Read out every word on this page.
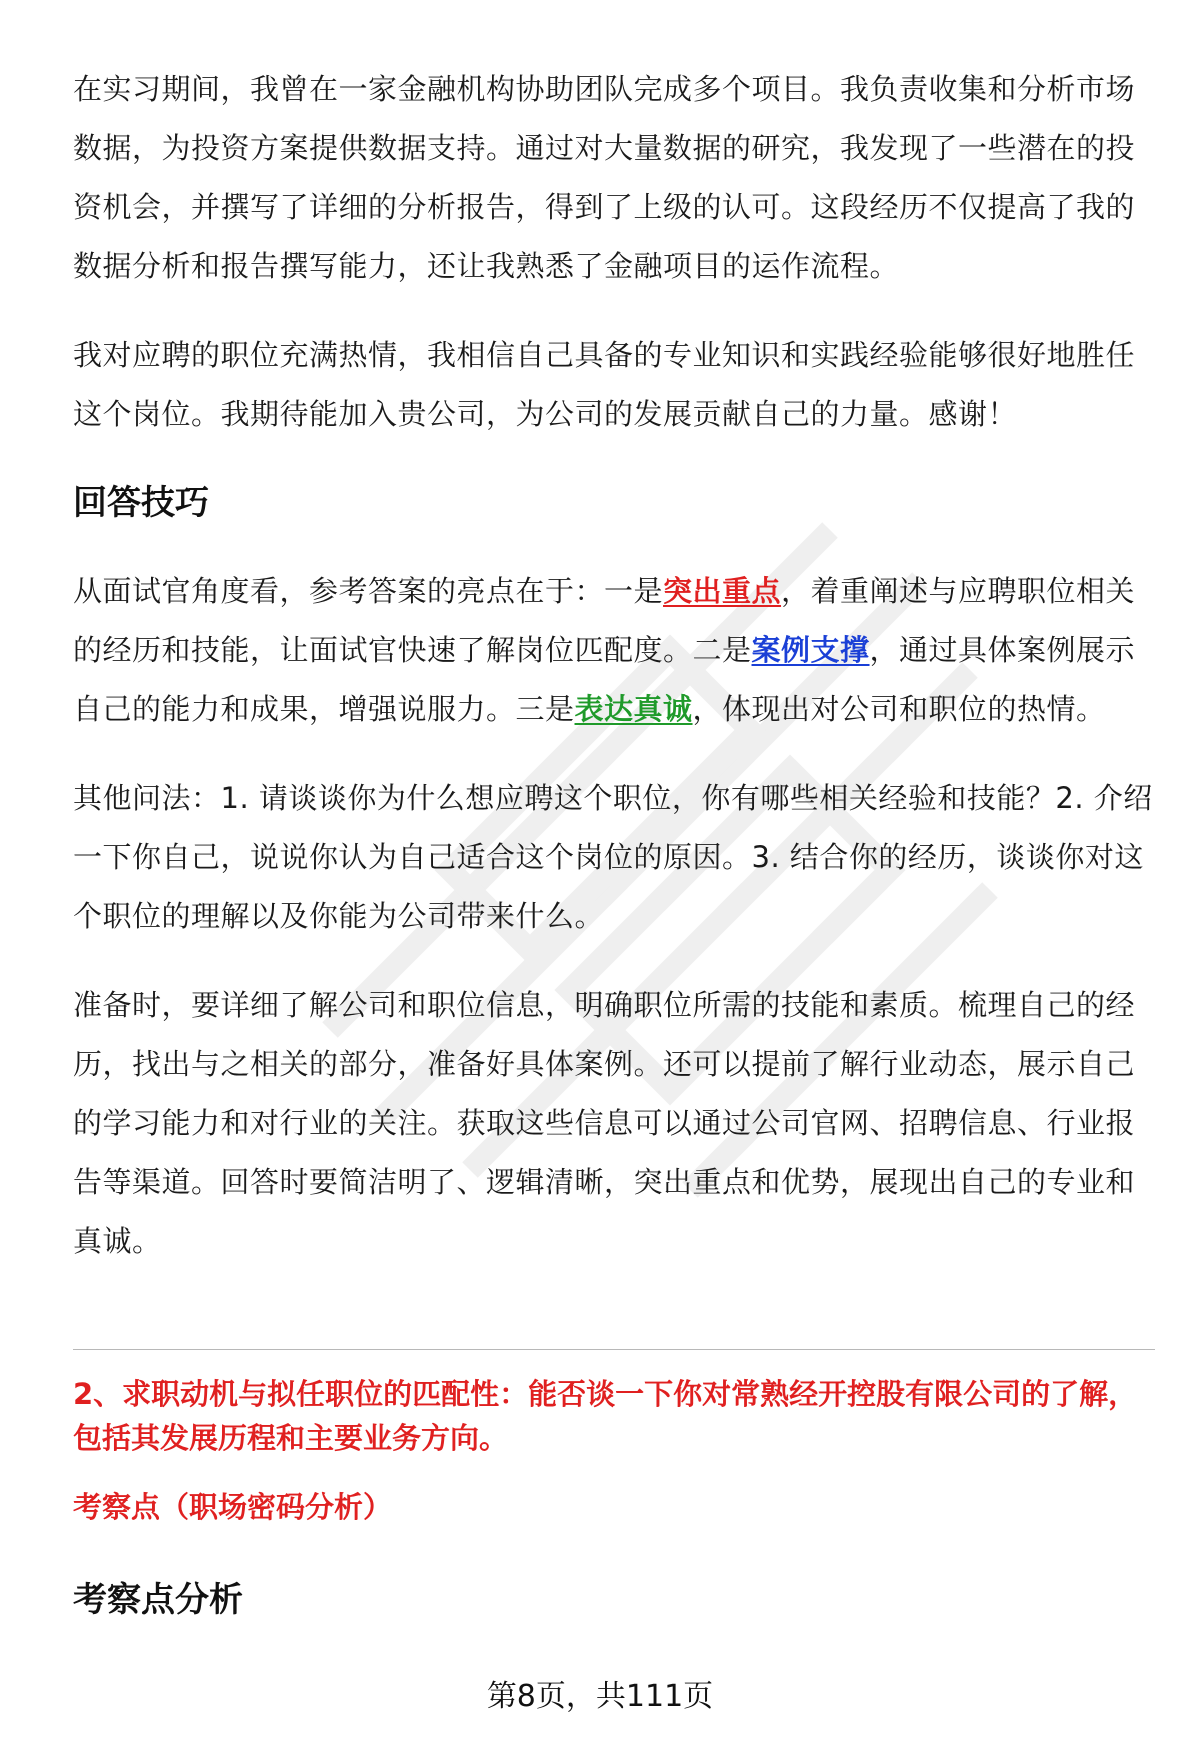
在实习期间，我曾在一家金融机构协助团队完成多个项目。我负责收集和分析市场数据，为投资方案提供数据支持。通过对大量数据的研究，我发现了一些潜在的投资机会，并撰写了详细的分析报告，得到了上级的认可。这段经历不仅提高了我的数据分析和报告撰写能力，还让我熟悉了金融项目的运作流程。

我对应聘的职位充满热情，我相信自己具备的专业知识和实践经验能够很好地胜任这个岗位。我期待能加入贵公司，为公司的发展贡献自己的力量。感谢！

回答技巧

从面试官角度看，参考答案的亮点在于：一是突出重点，着重阐述与应聘职位相关的经历和技能，让面试官快速了解岗位匹配度。二是案例支撑，通过具体案例展示自己的能力和成果，增强说服力。三是表达真诚，体现出对公司和职位的热情。

其他问法：1. 请谈谈你为什么想应聘这个职位，你有哪些相关经验和技能？2. 介绍一下你自己，说说你认为自己适合这个岗位的原因。3. 结合你的经历，谈谈你对这个职位的理解以及你能为公司带来什么。

准备时，要详细了解公司和职位信息，明确职位所需的技能和素质。梳理自己的经历，找出与之相关的部分，准备好具体案例。还可以提前了解行业动态，展示自己的学习能力和对行业的关注。获取这些信息可以通过公司官网、招聘信息、行业报告等渠道。回答时要简洁明了、逻辑清晰，突出重点和优势，展现出自己的专业和真诚。

2、求职动机与拟任职位的匹配性：能否谈一下你对常熟经开控股有限公司的了解，包括其发展历程和主要业务方向。

考察点（职场密码分析）

考察点分析
第8页，共111页
